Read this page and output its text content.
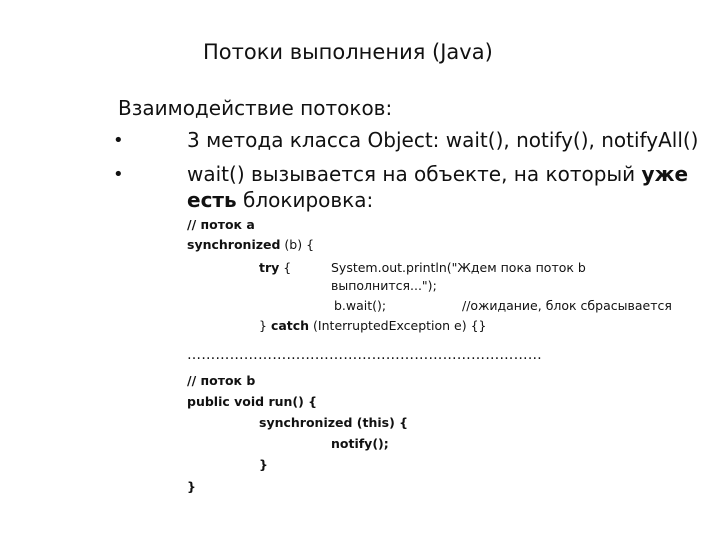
Потоки выполнения (Java)
Взаимодействие потоков:
•	3 метода класса Object: wait(), notify(), notifyAll()
•	wait() вызывается на объекте, на который уже
есть блокировка:
// поток а
synchronized (b) {
try {	System.out.println("Ждем пока поток b
выполнится...");
b.wait();	//ожидание, блок сбрасывается
} catch (InterruptedException e) {}
…………………………………………………………………
// поток b
public void run() {
synchronized (this) {
notify();
}
}
